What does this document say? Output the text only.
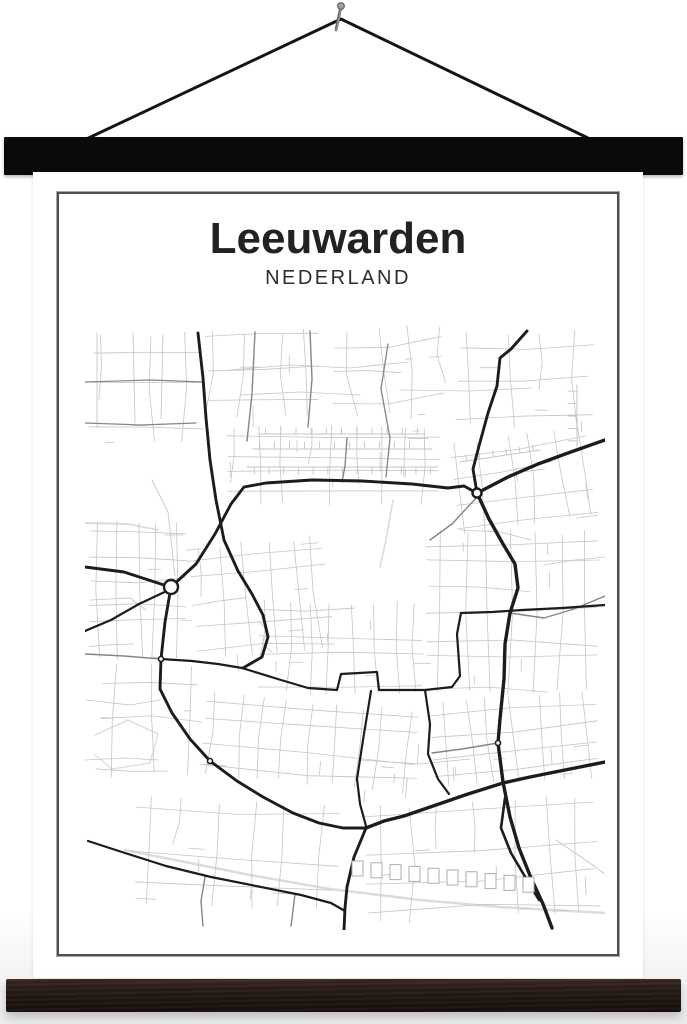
Leeuwarden
NEDERLAND
